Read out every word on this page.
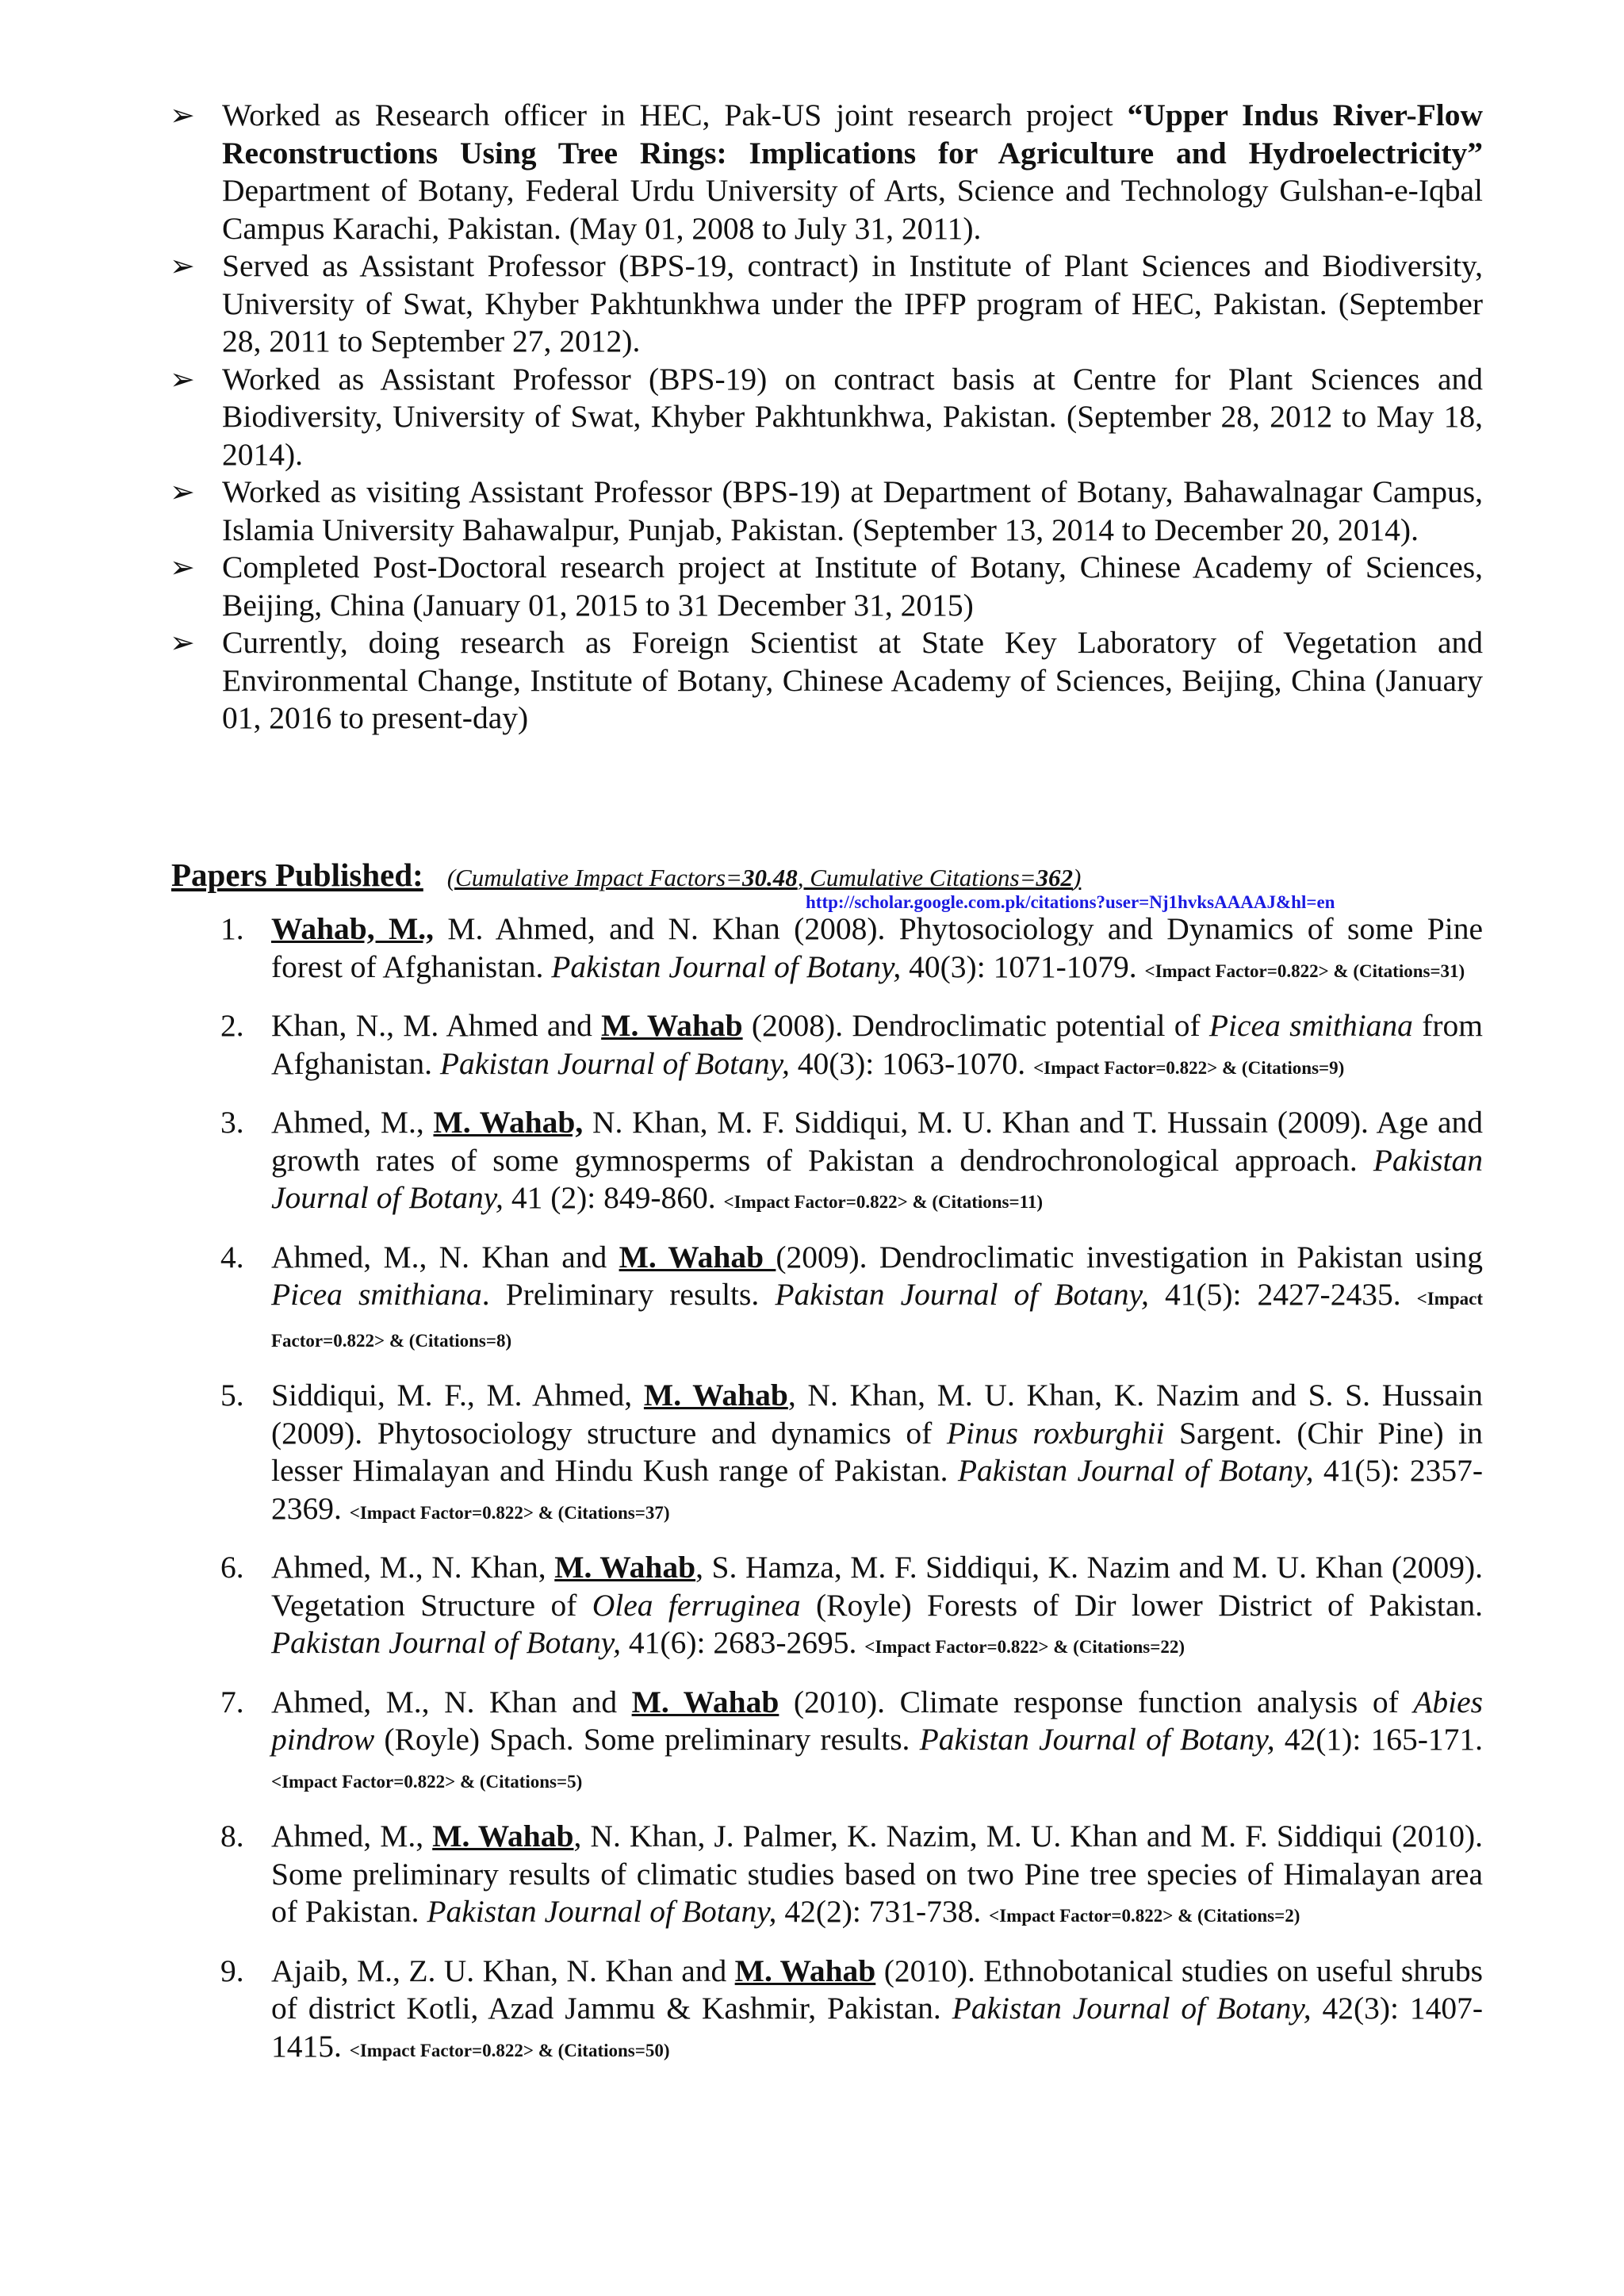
➢ Worked as Research officer in HEC, Pak-US joint research project “Upper Indus River-Flow Reconstructions Using Tree Rings: Implications for Agriculture and Hydroelectricity” Department of Botany, Federal Urdu University of Arts, Science and Technology Gulshan-e-Iqbal Campus Karachi, Pakistan. (May 01, 2008 to July 31, 2011).

➢ Served as Assistant Professor (BPS-19, contract) in Institute of Plant Sciences and Biodiversity, University of Swat, Khyber Pakhtunkhwa under the IPFP program of HEC, Pakistan. (September 28, 2011 to September 27, 2012).

➢ Worked as Assistant Professor (BPS-19) on contract basis at Centre for Plant Sciences and Biodiversity, University of Swat, Khyber Pakhtunkhwa, Pakistan. (September 28, 2012 to May 18, 2014).

➢ Worked as visiting Assistant Professor (BPS-19) at Department of Botany, Bahawalnagar Campus, Islamia University Bahawalpur, Punjab, Pakistan. (September 13, 2014 to December 20, 2014).

➢ Completed Post-Doctoral research project at Institute of Botany, Chinese Academy of Sciences, Beijing, China (January 01, 2015 to 31 December 31, 2015)

➢ Currently, doing research as Foreign Scientist at State Key Laboratory of Vegetation and Environmental Change, Institute of Botany, Chinese Academy of Sciences, Beijing, China (January 01, 2016 to present-day)

Papers Published: (Cumulative Impact Factors=30.48, Cumulative Citations=362)
http://scholar.google.com.pk/citations?user=Nj1hvksAAAAJ&hl=en
1. Wahab, M., M. Ahmed, and N. Khan (2008). Phytosociology and Dynamics of some Pine forest of Afghanistan. Pakistan Journal of Botany, 40(3): 1071-1079. <Impact Factor=0.822> & (Citations=31)
2. Khan, N., M. Ahmed and M. Wahab (2008). Dendroclimatic potential of Picea smithiana from Afghanistan. Pakistan Journal of Botany, 40(3): 1063-1070. <Impact Factor=0.822> & (Citations=9)
3. Ahmed, M., M. Wahab, N. Khan, M. F. Siddiqui, M. U. Khan and T. Hussain (2009). Age and growth rates of some gymnosperms of Pakistan a dendrochronological approach. Pakistan Journal of Botany, 41 (2): 849-860. <Impact Factor=0.822> & (Citations=11)
4. Ahmed, M., N. Khan and M. Wahab (2009). Dendroclimatic investigation in Pakistan using Picea smithiana. Preliminary results. Pakistan Journal of Botany, 41(5): 2427-2435. <Impact Factor=0.822> & (Citations=8)
5. Siddiqui, M. F., M. Ahmed, M. Wahab, N. Khan, M. U. Khan, K. Nazim and S. S. Hussain (2009). Phytosociology structure and dynamics of Pinus roxburghii Sargent. (Chir Pine) in lesser Himalayan and Hindu Kush range of Pakistan. Pakistan Journal of Botany, 41(5): 2357-2369. <Impact Factor=0.822> & (Citations=37)
6. Ahmed, M., N. Khan, M. Wahab, S. Hamza, M. F. Siddiqui, K. Nazim and M. U. Khan (2009). Vegetation Structure of Olea ferruginea (Royle) Forests of Dir lower District of Pakistan. Pakistan Journal of Botany, 41(6): 2683-2695. <Impact Factor=0.822> & (Citations=22)
7. Ahmed, M., N. Khan and M. Wahab (2010). Climate response function analysis of Abies pindrow (Royle) Spach. Some preliminary results. Pakistan Journal of Botany, 42(1): 165-171. <Impact Factor=0.822> & (Citations=5)
8. Ahmed, M., M. Wahab, N. Khan, J. Palmer, K. Nazim, M. U. Khan and M. F. Siddiqui (2010). Some preliminary results of climatic studies based on two Pine tree species of Himalayan area of Pakistan. Pakistan Journal of Botany, 42(2): 731-738. <Impact Factor=0.822> & (Citations=2)
9. Ajaib, M., Z. U. Khan, N. Khan and M. Wahab (2010). Ethnobotanical studies on useful shrubs of district Kotli, Azad Jammu & Kashmir, Pakistan. Pakistan Journal of Botany, 42(3): 1407-1415. <Impact Factor=0.822> & (Citations=50)
